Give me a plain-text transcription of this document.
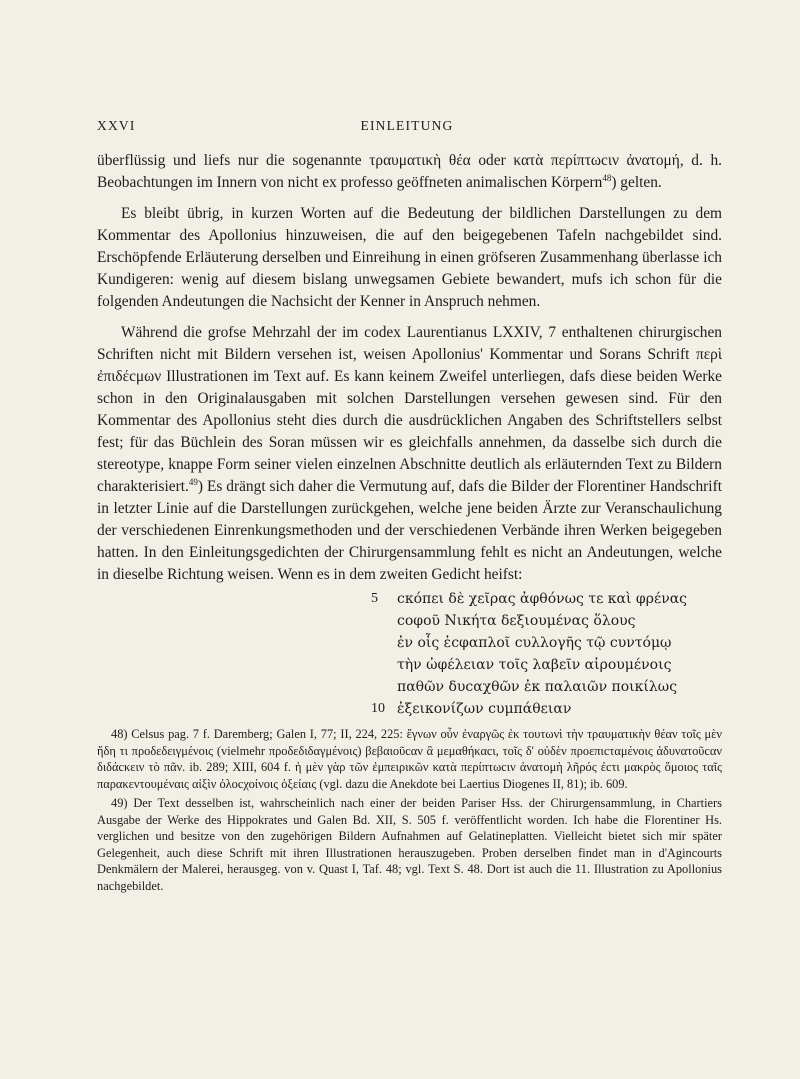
XXVI	EINLEITUNG

überflüssig und liefs nur die sogenannte τραυματικὴ θέα oder κατὰ περίπτωcιν ἀνατομή, d. h. Beobachtungen im Innern von nicht ex professo geöffneten animalischen Körpern$^{48}$) gelten.

Es bleibt übrig, in kurzen Worten auf die Bedeutung der bildlichen Darstellungen zu dem Kommentar des Apollonius hinzuweisen, die auf den beigegebenen Tafeln nachgebildet sind. Erschöpfende Erläuterung derselben und Einreihung in einen gröfseren Zusammenhang überlasse ich Kundigeren: wenig auf diesem bislang unwegsamen Gebiete bewandert, mufs ich schon für die folgenden Andeutungen die Nachsicht der Kenner in Anspruch nehmen.

Während die grofse Mehrzahl der im codex Laurentianus LXXIV, 7 enthaltenen chirurgischen Schriften nicht mit Bildern versehen ist, weisen Apollonius' Kommentar und Sorans Schrift περὶ ἐπιδέcμων Illustrationen im Text auf. Es kann keinem Zweifel unterliegen, dafs diese beiden Werke schon in den Originalausgaben mit solchen Darstellungen versehen gewesen sind. Für den Kommentar des Apollonius steht dies durch die ausdrücklichen Angaben des Schriftstellers selbst fest; für das Büchlein des Soran müssen wir es gleichfalls annehmen, da dasselbe sich durch die stereotype, knappe Form seiner vielen einzelnen Abschnitte deutlich als erläuternden Text zu Bildern charakterisiert.$^{49}$) Es drängt sich daher die Vermutung auf, dafs die Bilder der Florentiner Handschrift in letzter Linie auf die Darstellungen zurückgehen, welche jene beiden Ärzte zur Veranschaulichung der verschiedenen Einrenkungsmethoden und der verschiedenen Verbände ihren Werken beigegeben hatten. In den Einleitungsgedichten der Chirurgensammlung fehlt es nicht an Andeutungen, welche in dieselbe Richtung weisen. Wenn es in dem zweiten Gedicht heifst:

5 cκόπει δὲ χεῖρας ἀφθόνως τε καὶ φρένας
coφοῦ Νικήτα δεξιουμένας ὅλους
ἐν οἷς ἐcφαπλοῖ cυλλογῆς τῷ cυντόμῳ
τὴν ὠφέλειαν τοῖς λαβεῖν αἱρουμένοις
παθῶν δυcαχθῶν ἐκ παλαιῶν ποικίλως
10 ἐξεικονίζων cυμπάθειαν

48) Celsus pag. 7 f. Daremberg; Galen I, 77; II, 224, 225: ἔγνων οὖν ἐναργῶς ἐκ τουτωνὶ τὴν τραυματικὴν θέαν τοῖς μὲν ἤδη τι προδεδειγμένοις (vielmehr προδεδιδαγμένοις) βεβαιοῦcαν ἃ μεμαθήκαcι, τοῖς δ' οὐδὲν προεπιcταμένοις ἀδυνατοῦcαν διδάcκειν τὸ πᾶν. ib. 289; XIII, 604 f. ἡ μὲν γὰρ τῶν ἐμπειρικῶν κατὰ περίπτωcιν ἀνατομὴ λῆρός ἐcτι μακρὸς ὅμοιος ταῖς παρακεντουμέναις αἰξὶν ὀλοcχοίνοις ὀξείαις (vgl. dazu die Anekdote bei Laertius Diogenes II, 81); ib. 609.

49) Der Text desselben ist, wahrscheinlich nach einer der beiden Pariser Hss. der Chirurgensammlung, in Chartiers Ausgabe der Werke des Hippokrates und Galen Bd. XII, S. 505 f. veröffentlicht worden. Ich habe die Florentiner Hs. verglichen und besitze von den zugehörigen Bildern Aufnahmen auf Gelatineplatten. Vielleicht bietet sich mir später Gelegenheit, auch diese Schrift mit ihren Illustrationen herauszugeben. Proben derselben findet man in d'Agincourts Denkmälern der Malerei, herausgeg. von v. Quast I, Taf. 48; vgl. Text S. 48. Dort ist auch die 11. Illustration zu Apollonius nachgebildet.
